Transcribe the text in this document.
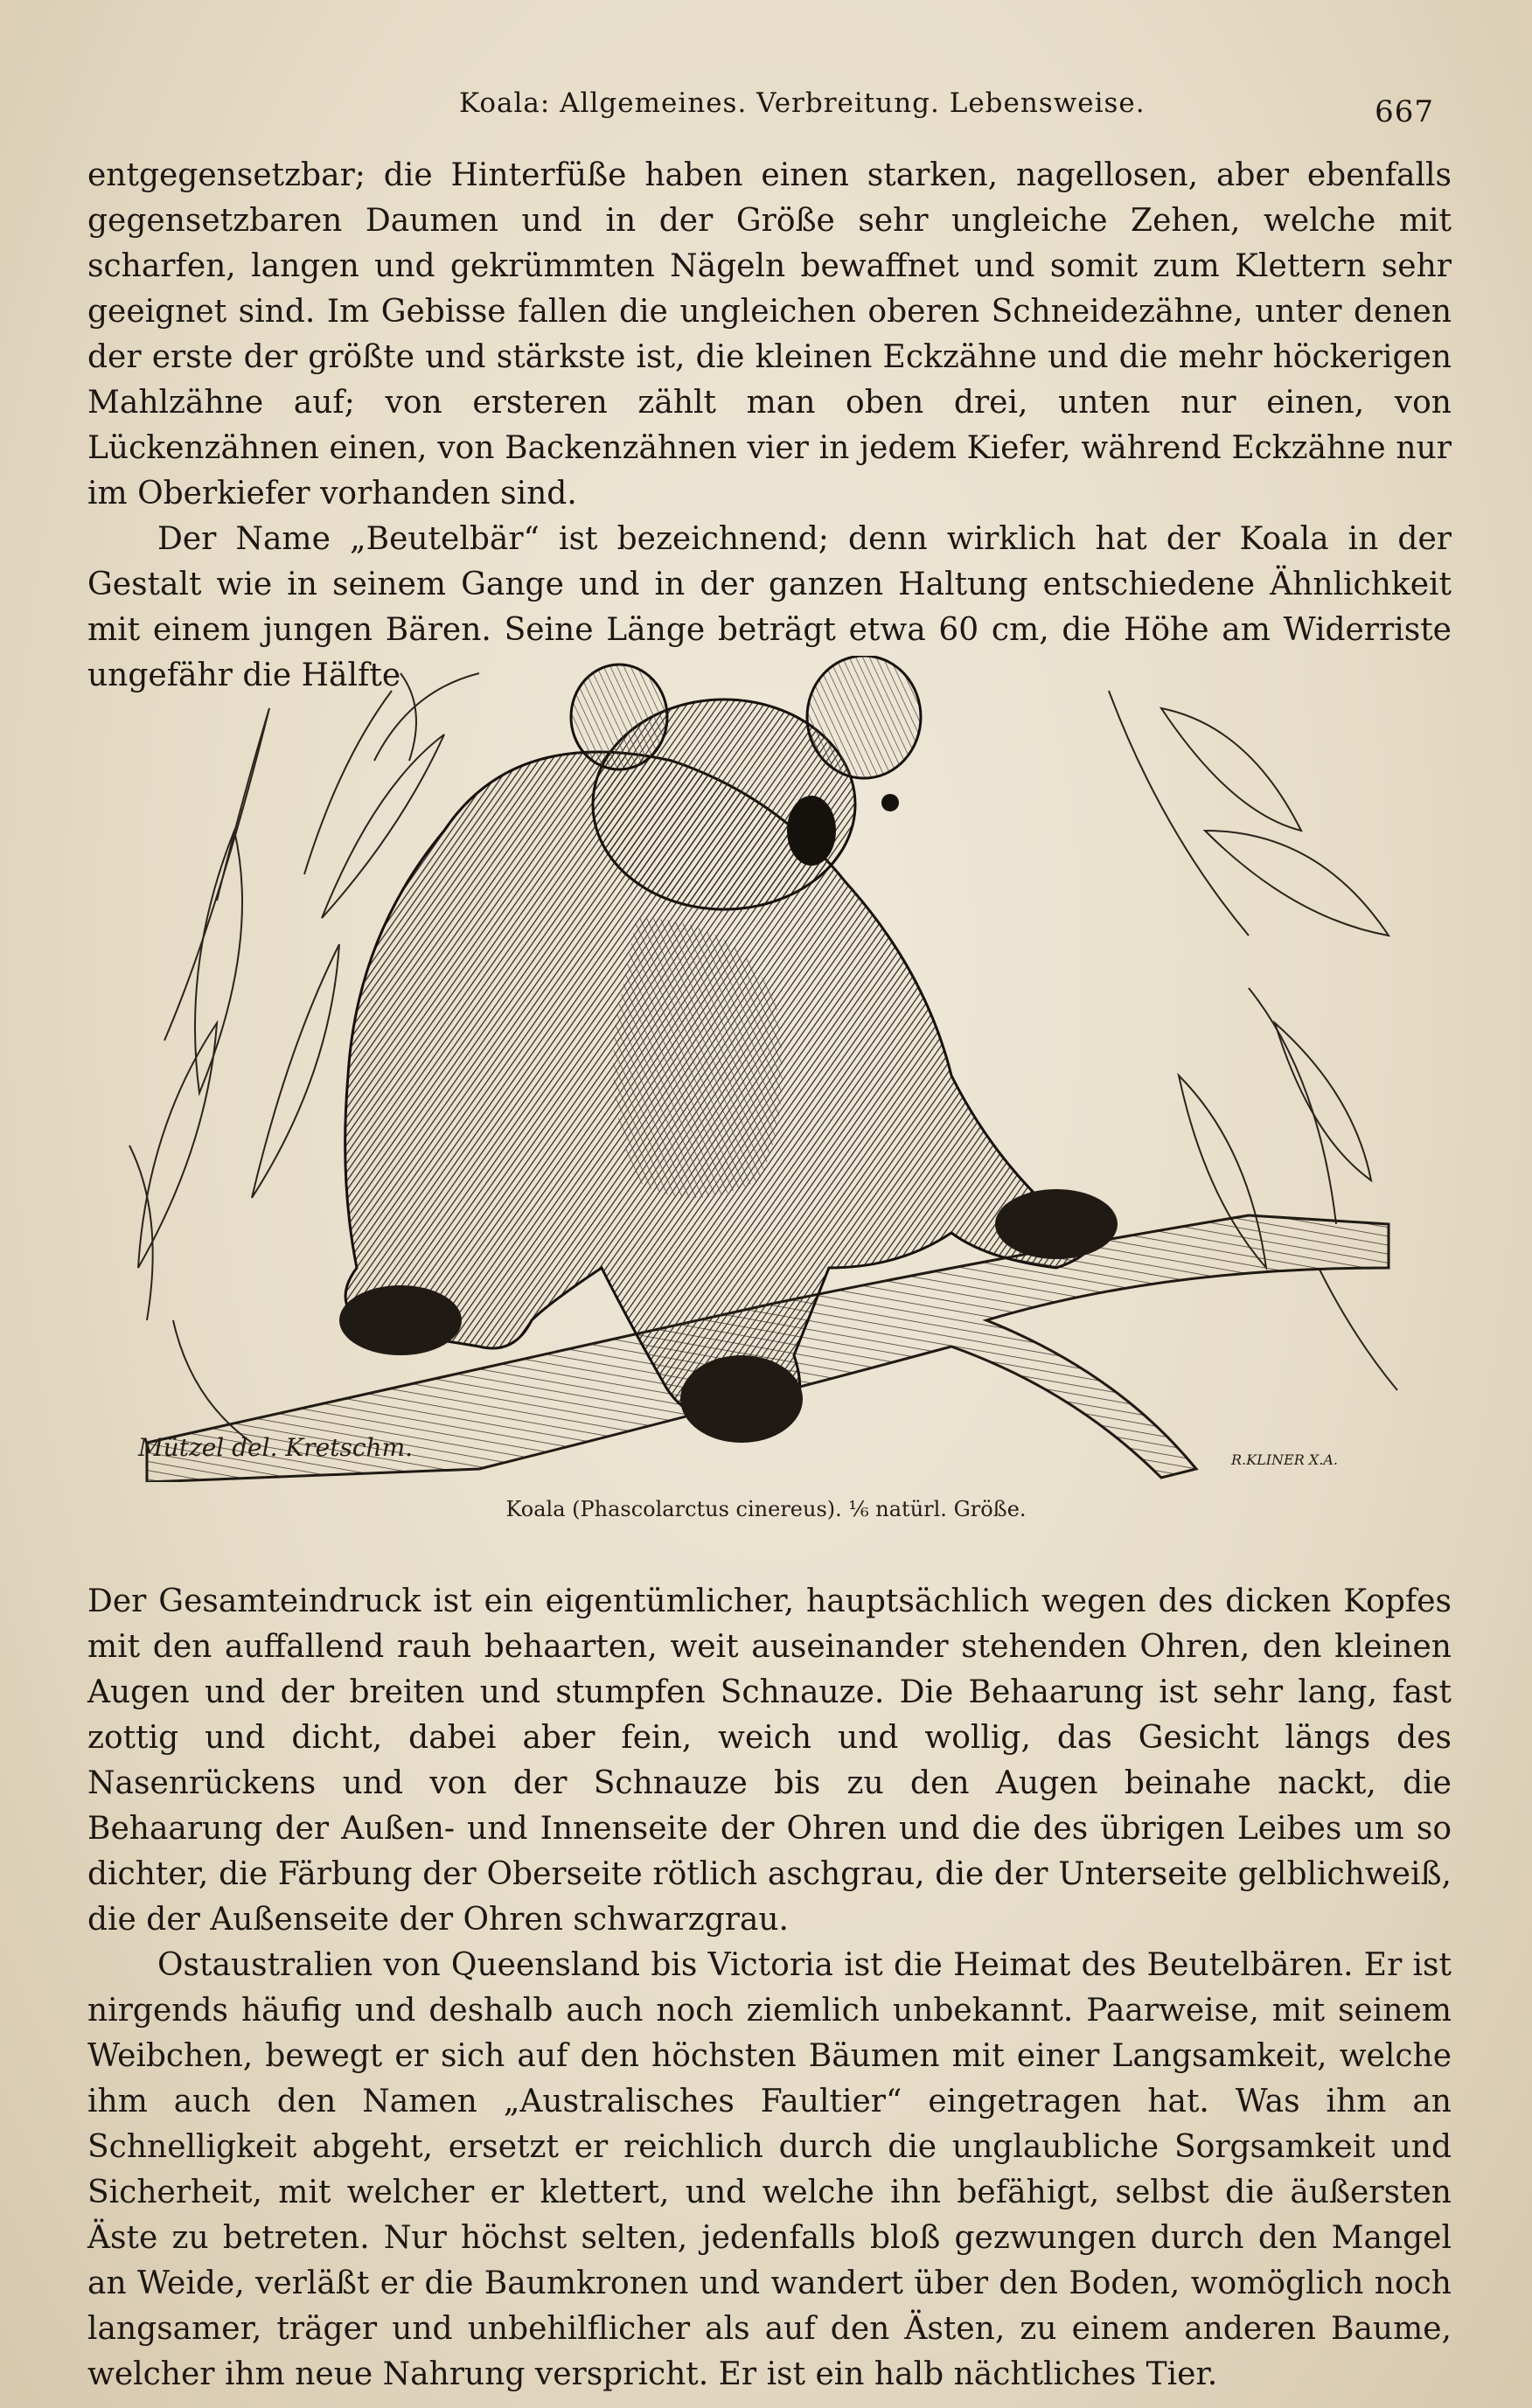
Koala: Allgemeines. Verbreitung. Lebensweise.	667

entgegensetzbar; die Hinterfüße haben einen starken, nagellosen, aber ebenfalls gegensetzbaren Daumen und in der Größe sehr ungleiche Zehen, welche mit scharfen, langen und gekrümmten Nägeln bewaffnet und somit zum Klettern sehr geeignet sind. Im Gebisse fallen die ungleichen oberen Schneidezähne, unter denen der erste der größte und stärkste ist, die kleinen Eckzähne und die mehr höckerigen Mahlzähne auf; von ersteren zählt man oben drei, unten nur einen, von Lückenzähnen einen, von Backenzähnen vier in jedem Kiefer, während Eckzähne nur im Oberkiefer vorhanden sind.

Der Name „Beutelbär“ ist bezeichnend; denn wirklich hat der Koala in der Gestalt wie in seinem Gange und in der ganzen Haltung entschiedene Ähnlichkeit mit einem jungen Bären. Seine Länge beträgt etwa 60 cm, die Höhe am Widerriste ungefähr die Hälfte

Mützel del. Kretschm.	R.KLINER X.A.
Koala (Phascolarctus cinereus). ⅙ natürl. Größe.

Der Gesamteindruck ist ein eigentümlicher, hauptsächlich wegen des dicken Kopfes mit den auffallend rauh behaarten, weit auseinander stehenden Ohren, den kleinen Augen und der breiten und stumpfen Schnauze. Die Behaarung ist sehr lang, fast zottig und dicht, dabei aber fein, weich und wollig, das Gesicht längs des Nasenrückens und von der Schnauze bis zu den Augen beinahe nackt, die Behaarung der Außen- und Innenseite der Ohren und die des übrigen Leibes um so dichter, die Färbung der Oberseite rötlich aschgrau, die der Unterseite gelblichweiß, die der Außenseite der Ohren schwarzgrau.

Ostaustralien von Queensland bis Victoria ist die Heimat des Beutelbären. Er ist nirgends häufig und deshalb auch noch ziemlich unbekannt. Paarweise, mit seinem Weibchen, bewegt er sich auf den höchsten Bäumen mit einer Langsamkeit, welche ihm auch den Namen „Australisches Faultier“ eingetragen hat. Was ihm an Schnelligkeit abgeht, ersetzt er reichlich durch die unglaubliche Sorgsamkeit und Sicherheit, mit welcher er klettert, und welche ihn befähigt, selbst die äußersten Äste zu betreten. Nur höchst selten, jedenfalls bloß gezwungen durch den Mangel an Weide, verläßt er die Baumkronen und wandert über den Boden, womöglich noch langsamer, träger und unbehilflicher als auf den Ästen, zu einem anderen Baume, welcher ihm neue Nahrung verspricht. Er ist ein halb nächtliches Tier.
